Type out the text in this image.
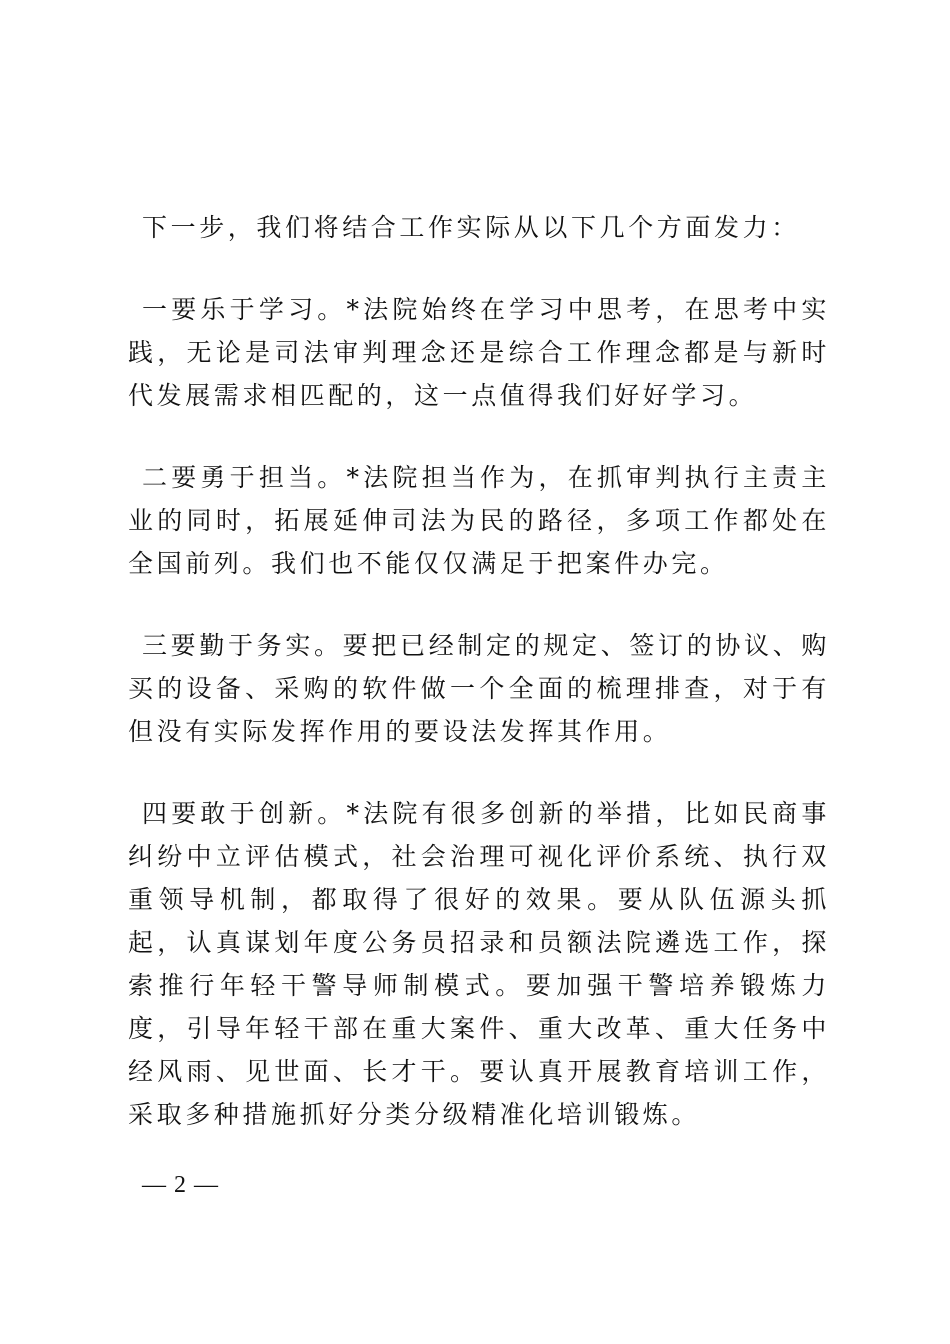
下一步，我们将结合工作实际从以下几个方面发力：

一要乐于学习。*法院始终在学习中思考，在思考中实践，无论是司法审判理念还是综合工作理念都是与新时代发展需求相匹配的，这一点值得我们好好学习。

二要勇于担当。*法院担当作为，在抓审判执行主责主业的同时，拓展延伸司法为民的路径，多项工作都处在全国前列。我们也不能仅仅满足于把案件办完。

三要勤于务实。要把已经制定的规定、签订的协议、购买的设备、采购的软件做一个全面的梳理排查，对于有但没有实际发挥作用的要设法发挥其作用。

四要敢于创新。*法院有很多创新的举措，比如民商事纠纷中立评估模式，社会治理可视化评价系统、执行双重领导机制，都取得了很好的效果。要从队伍源头抓起，认真谋划年度公务员招录和员额法院遴选工作，探索推行年轻干警导师制模式。要加强干警培养锻炼力度，引导年轻干部在重大案件、重大改革、重大任务中经风雨、见世面、长才干。要认真开展教育培训工作，采取多种措施抓好分类分级精准化培训锻炼。

— 2 —
